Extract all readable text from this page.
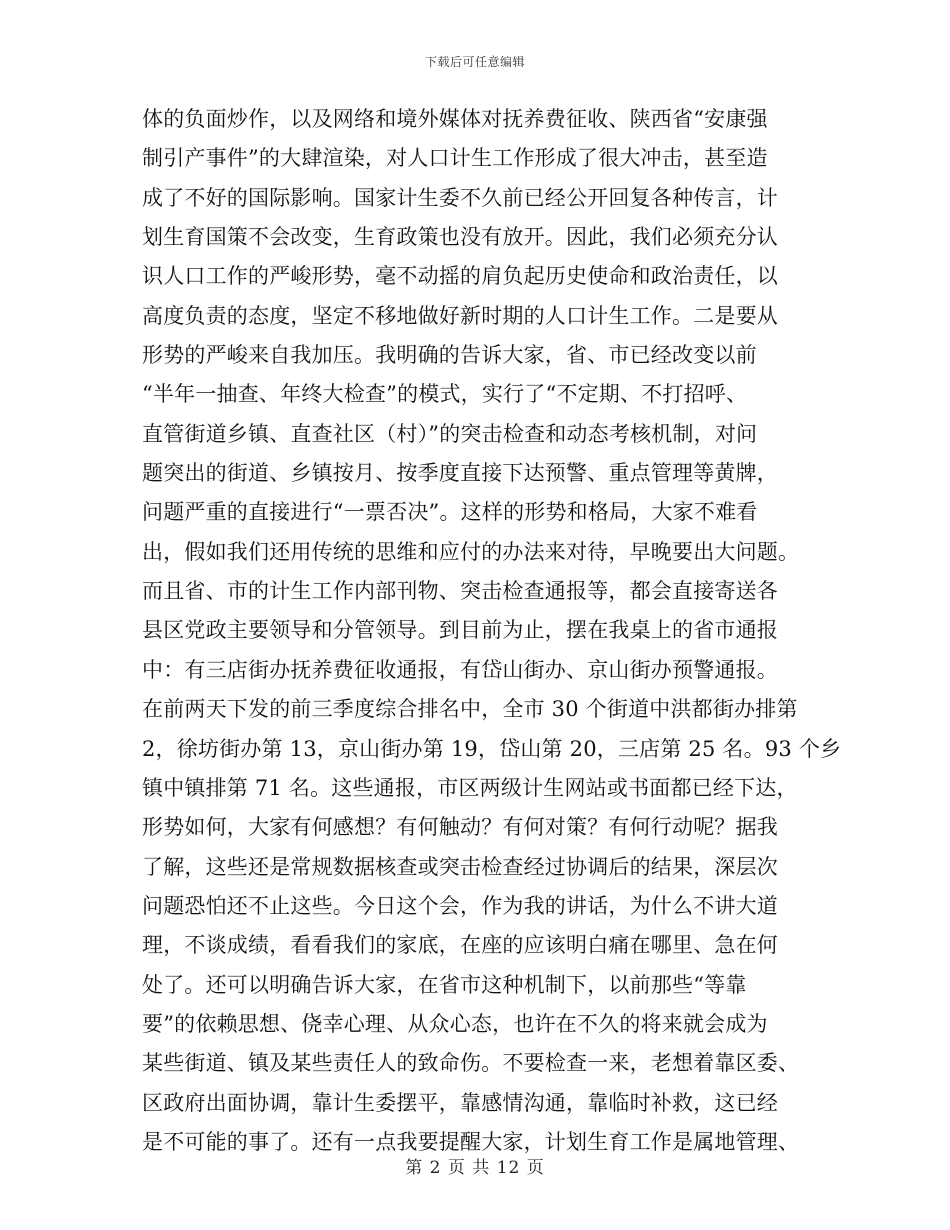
下载后可任意编辑
体的负面炒作，以及网络和境外媒体对抚养费征收、陕西省“安康强
制引产事件”的大肆渲染，对人口计生工作形成了很大冲击，甚至造
成了不好的国际影响。国家计生委不久前已经公开回复各种传言，计
划生育国策不会改变，生育政策也没有放开。因此，我们必须充分认
识人口工作的严峻形势，毫不动摇的肩负起历史使命和政治责任，以
高度负责的态度，坚定不移地做好新时期的人口计生工作。二是要从
形势的严峻来自我加压。我明确的告诉大家，省、市已经改变以前
“半年一抽查、年终大检查”的模式，实行了“不定期、不打招呼、
直管街道乡镇、直查社区（村）”的突击检查和动态考核机制，对问
题突出的街道、乡镇按月、按季度直接下达预警、重点管理等黄牌，
问题严重的直接进行“一票否决”。这样的形势和格局，大家不难看
出，假如我们还用传统的思维和应付的办法来对待，早晚要出大问题。
而且省、市的计生工作内部刊物、突击检查通报等，都会直接寄送各
县区党政主要领导和分管领导。到目前为止，摆在我桌上的省市通报
中：有三店街办抚养费征收通报，有岱山街办、京山街办预警通报。
在前两天下发的前三季度综合排名中，全市 30 个街道中洪都街办排第
2，徐坊街办第 13，京山街办第 19，岱山第 20，三店第 25 名。93 个乡
镇中镇排第 71 名。这些通报，市区两级计生网站或书面都已经下达，
形势如何，大家有何感想？有何触动？有何对策？有何行动呢？据我
了解，这些还是常规数据核查或突击检查经过协调后的结果，深层次
问题恐怕还不止这些。今日这个会，作为我的讲话，为什么不讲大道
理，不谈成绩，看看我们的家底，在座的应该明白痛在哪里、急在何
处了。还可以明确告诉大家，在省市这种机制下，以前那些“等靠
要”的依赖思想、侥幸心理、从众心态，也许在不久的将来就会成为
某些街道、镇及某些责任人的致命伤。不要检查一来，老想着靠区委、
区政府出面协调，靠计生委摆平，靠感情沟通，靠临时补救，这已经
是不可能的事了。还有一点我要提醒大家，计划生育工作是属地管理、
第 2 页 共 12 页
